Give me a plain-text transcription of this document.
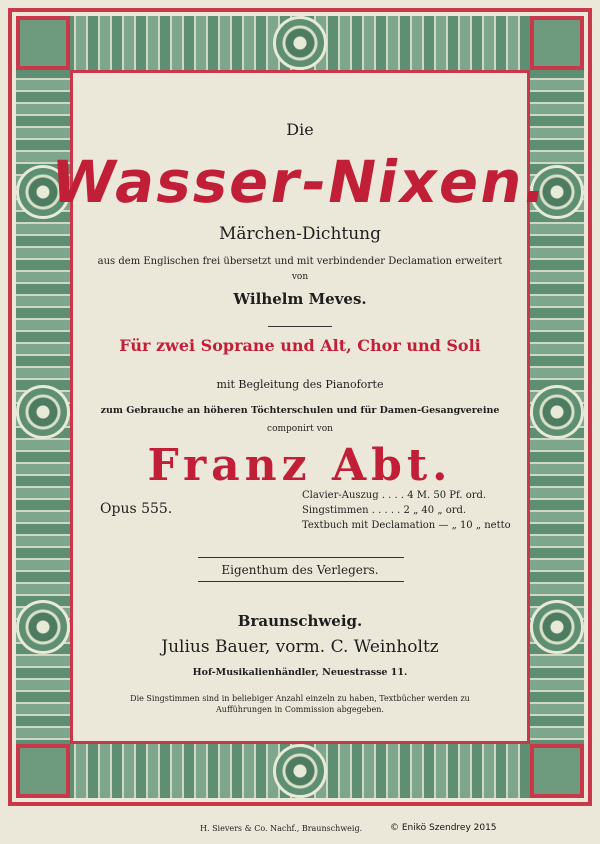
Die

Wasser-Nixen.

Märchen-Dichtung

aus dem Englischen frei übersetzt und mit verbindender Declamation erweitert

von

Wilhelm Meves.

Für zwei Soprane und Alt, Chor und Soli

mit Begleitung des Pianoforte

zum Gebrauche an höheren Töchterschulen und für Damen-Gesangvereine

componirt von

Franz Abt.

Opus 555.

Clavier-Auszug . . . . 4 M. 50 Pf. ord.

Singstimmen . . . . . 2 „ 40 „ ord.

Textbuch mit Declamation — „ 10 „ netto

Eigenthum des Verlegers.

Braunschweig.

Julius Bauer, vorm. C. Weinholtz

Hof-Musikalienhändler, Neuestrasse 11.

Die Singstimmen sind in beliebiger Anzahl einzeln zu haben, Textbücher werden zu Aufführungen in Commission abgegeben.

H. Sievers & Co. Nachf., Braunschweig.	© Enikö Szendrey 2015
